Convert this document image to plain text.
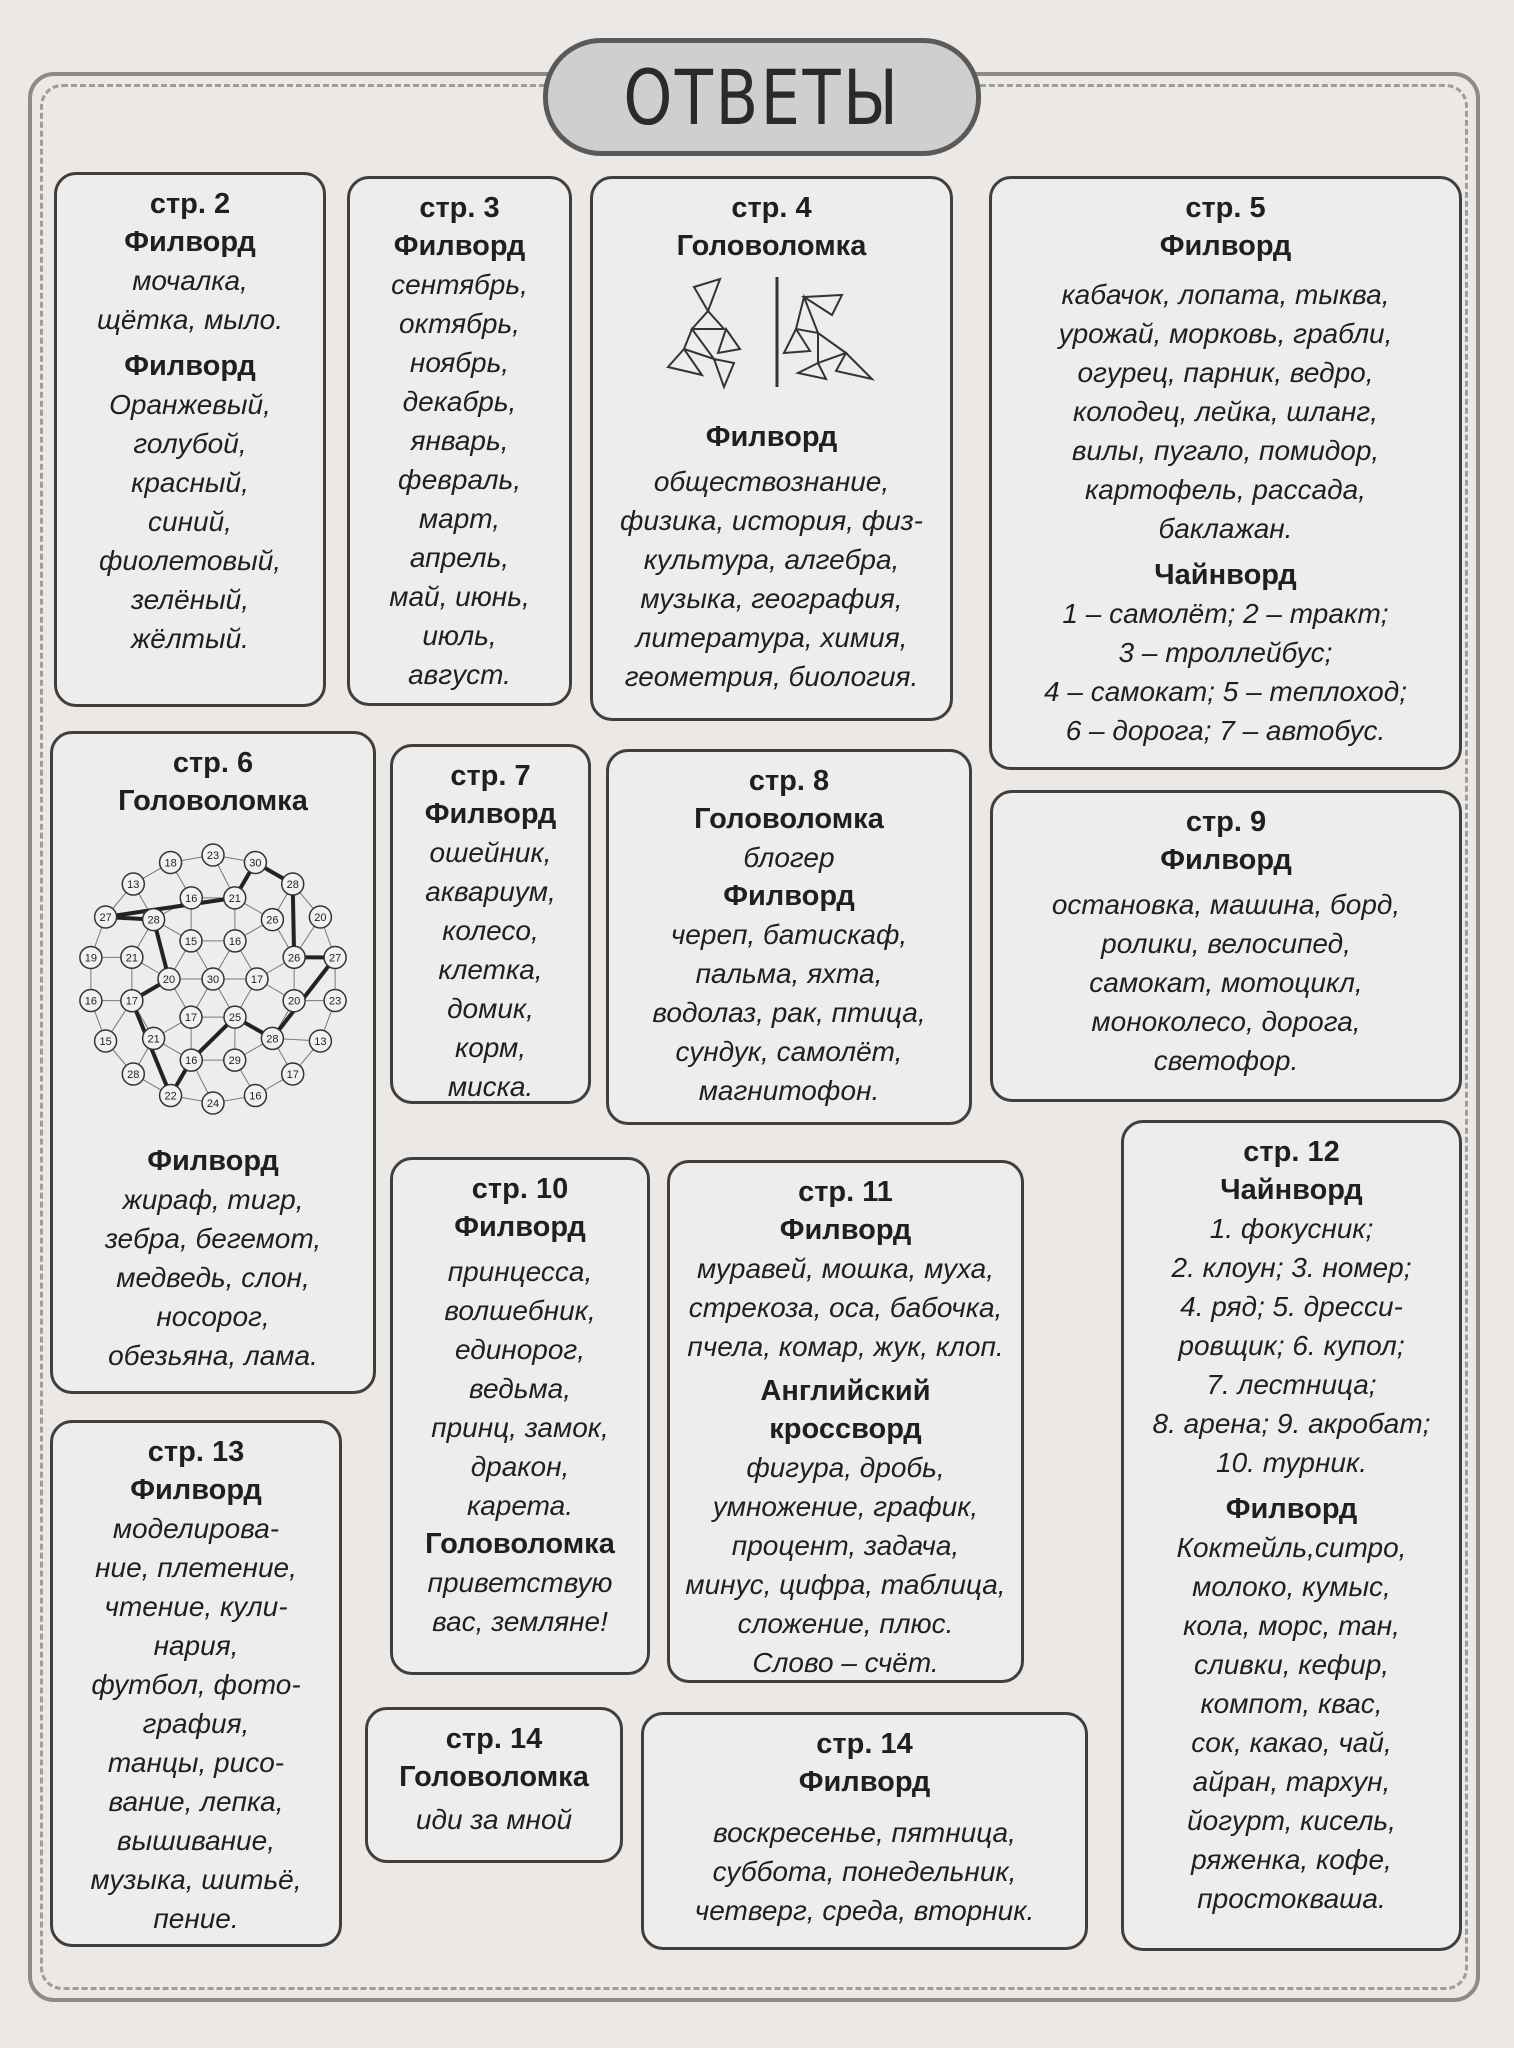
ОТВЕТЫ
стр. 2
Филворд
мочалка,
щётка, мыло.
Филворд
Оранжевый,
голубой,
красный,
синий,
фиолетовый,
зелёный,
жёлтый.
стр. 3
Филворд
сентябрь,
октябрь,
ноябрь,
декабрь,
январь,
февраль,
март,
апрель,
май, июнь,
июль,
август.
стр. 4
Головоломка
Филворд
обществознание,
физика, история, физ-
культура, алгебра,
музыка, география,
литература, химия,
геометрия, биология.
стр. 5
Филворд
кабачок, лопата, тыква,
урожай, морковь, грабли,
огурец, парник, ведро,
колодец, лейка, шланг,
вилы, пугало, помидор,
картофель, рассада,
баклажан.
Чайнворд
1 – самолёт; 2 – тракт;
3 – троллейбус;
4 – самокат; 5 – теплоход;
6 – дорога; 7 – автобус.
стр. 6
Головоломка
23
30
28
20
27
23
13
17
16
24
22
28
15
16
19
27
13
18
21
26
26
20
28
29
16
21
17
21
28
16
16
17
25
17
20
15
30
Филворд
жираф, тигр,
зебра, бегемот,
медведь, слон,
носорог,
обезьяна, лама.
стр. 7
Филворд
ошейник,
аквариум,
колесо,
клетка,
домик,
корм,
миска.
стр. 8
Головоломка
блогер
Филворд
череп, батискаф,
пальма, яхта,
водолаз, рак, птица,
сундук, самолёт,
магнитофон.
стр. 9
Филворд
остановка, машина, борд,
ролики, велосипед,
самокат, мотоцикл,
моноколесо, дорога,
светофор.
стр. 10
Филворд
принцесса,
волшебник,
единорог,
ведьма,
принц, замок,
дракон,
карета.
Головоломка
приветствую
вас, земляне!
стр. 11
Филворд
муравей, мошка, муха,
стрекоза, оса, бабочка,
пчела, комар, жук, клоп.
Английский
кроссворд
фигура, дробь,
умножение, график,
процент, задача,
минус, цифра, таблица,
сложение, плюс.
Слово – счёт.
стр. 12
Чайнворд
1. фокусник;
2. клоун; 3. номер;
4. ряд; 5. дресси-
ровщик; 6. купол;
7. лестница;
8. арена; 9. акробат;
10. турник.
Филворд
Коктейль,ситро,
молоко, кумыс,
кола, морс, тан,
сливки, кефир,
компот, квас,
сок, какао, чай,
айран, тархун,
йогурт, кисель,
ряженка, кофе,
простокваша.
стр. 13
Филворд
моделирова-
ние, плетение,
чтение, кули-
нария,
футбол, фото-
графия,
танцы, рисо-
вание, лепка,
вышивание,
музыка, шитьё,
пение.
стр. 14
Головоломка
иди за мной
стр. 14
Филворд
воскресенье, пятница,
суббота, понедельник,
четверг, среда, вторник.
